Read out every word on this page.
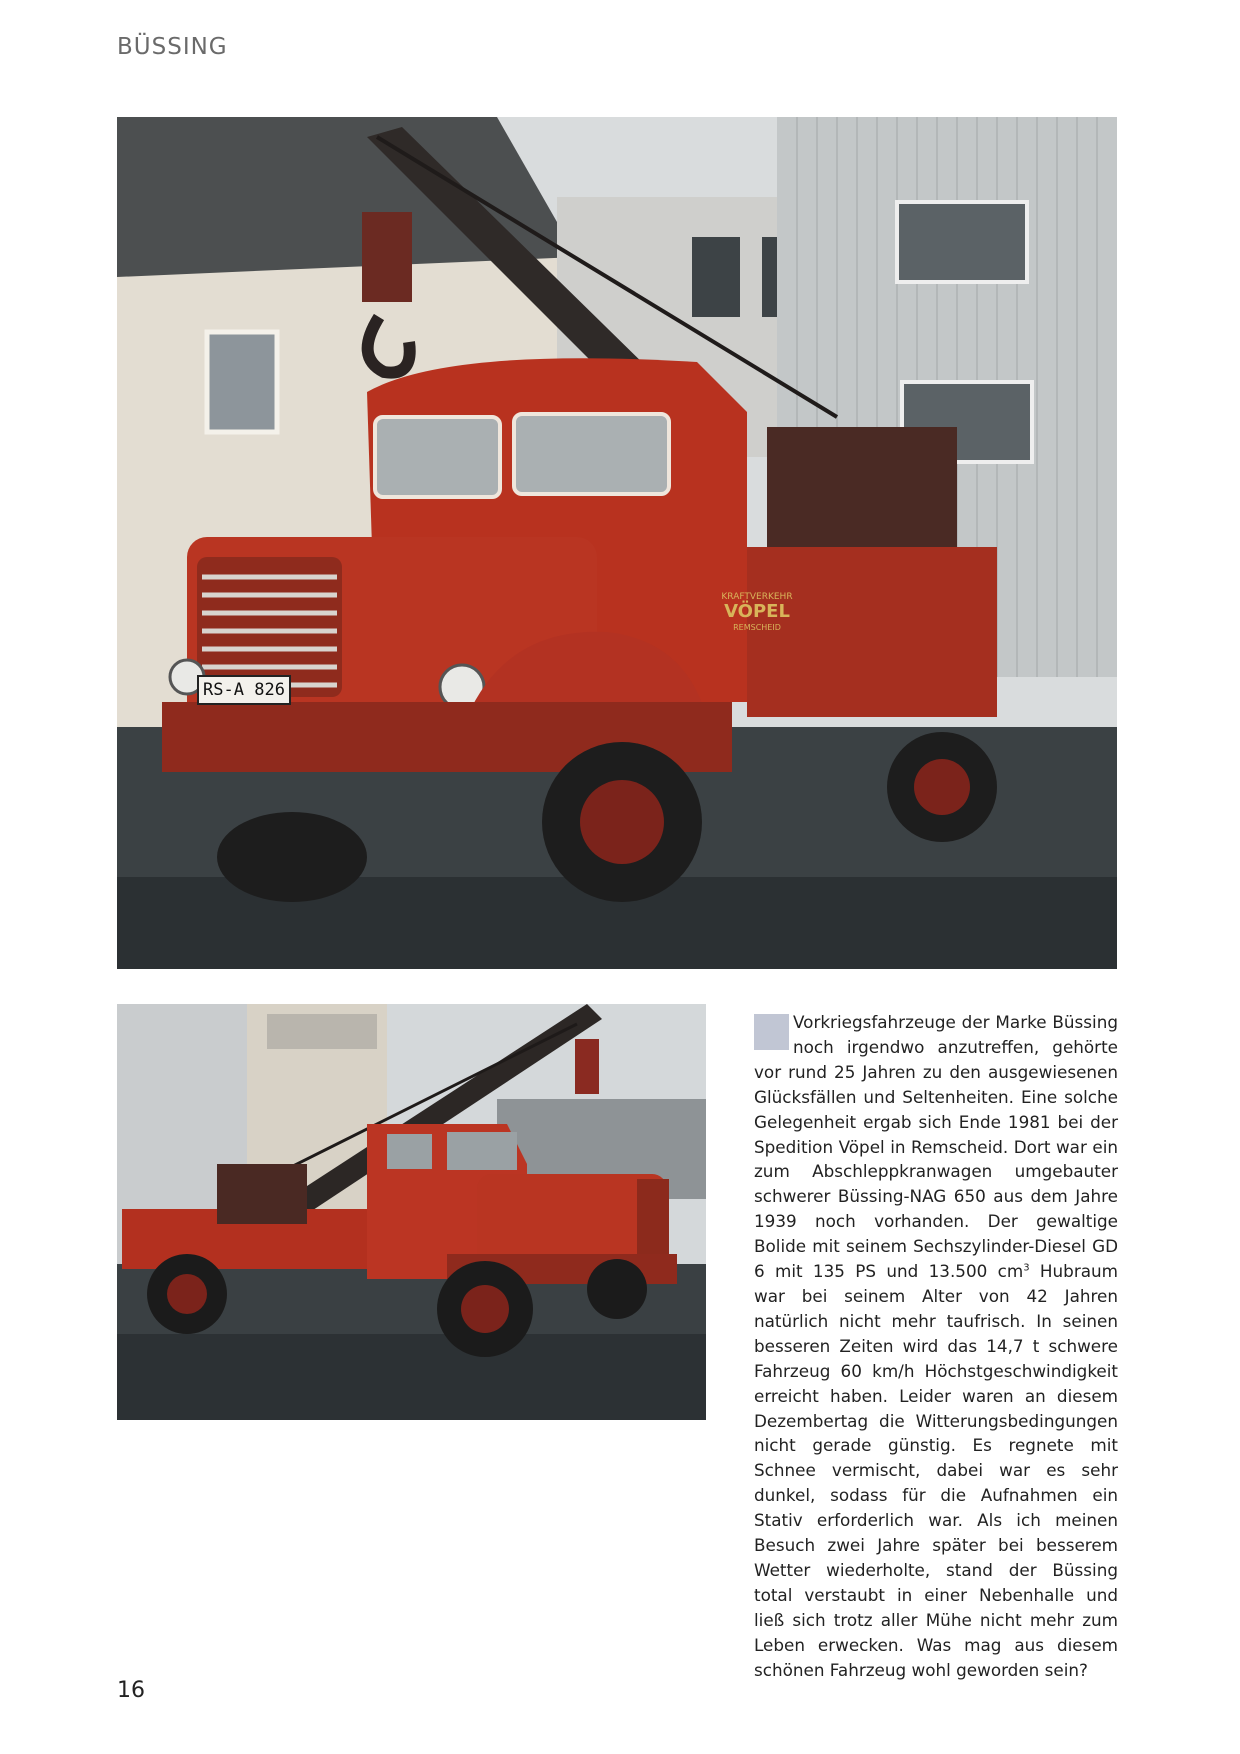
BÜSSING
RS-A 826
KRAFTVERKEHR
VÖPEL
REMSCHEID

Vorkriegsfahrzeuge der Marke Büssing noch irgendwo anzutreffen, gehörte vor rund 25 Jahren zu den ausgewiesenen Glücksfällen und Seltenheiten. Eine solche Gelegenheit ergab sich Ende 1981 bei der Spedition Vöpel in Remscheid. Dort war ein zum Abschleppkranwagen umgebauter schwerer Büssing-NAG 650 aus dem Jahre 1939 noch vorhanden. Der gewaltige Bolide mit seinem Sechszylinder-Diesel GD 6 mit 135 PS und 13.500 $cm^3$ Hubraum war bei seinem Alter von 42 Jahren natürlich nicht mehr taufrisch. In seinen besseren Zeiten wird das 14,7 t schwere Fahrzeug 60 km/h Höchstgeschwindigkeit erreicht haben. Leider waren an diesem Dezembertag die Witterungsbedingungen nicht gerade günstig. Es regnete mit Schnee vermischt, dabei war es sehr dunkel, sodass für die Aufnahmen ein Stativ erforderlich war. Als ich meinen Besuch zwei Jahre später bei besserem Wetter wiederholte, stand der Büssing total verstaubt in einer Nebenhalle und ließ sich trotz aller Mühe nicht mehr zum Leben erwecken. Was mag aus diesem schönen Fahrzeug wohl geworden sein?

16
